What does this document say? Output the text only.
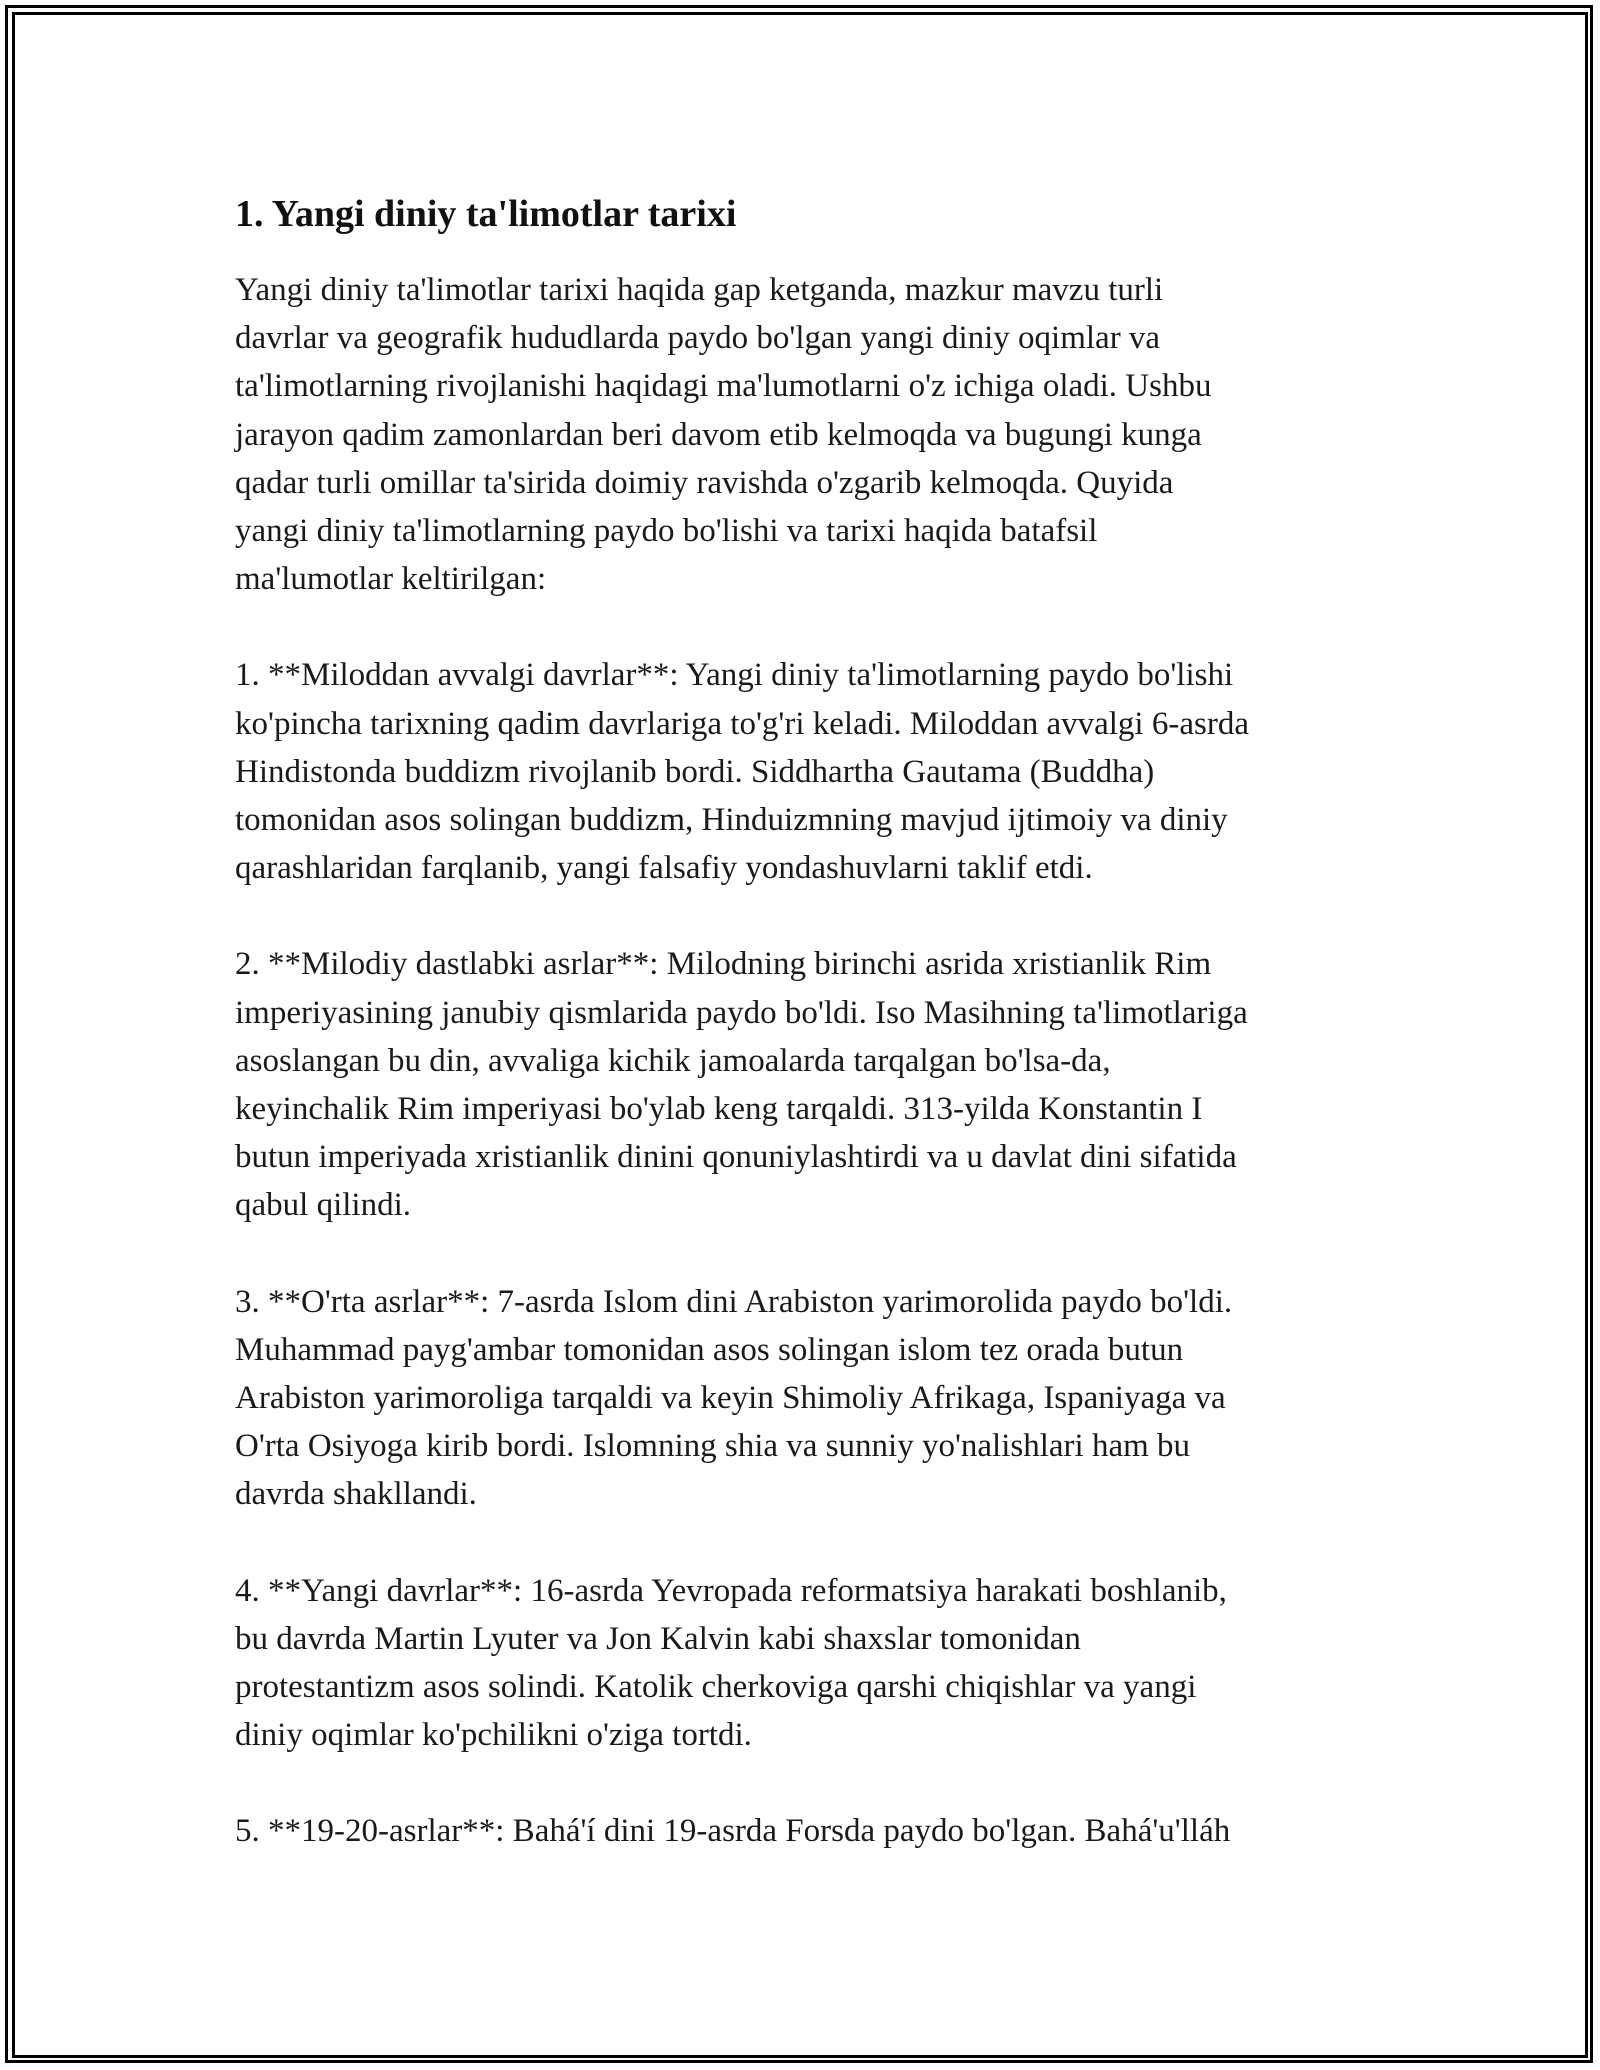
1. Yangi diniy ta'limotlar tarixi

Yangi diniy ta'limotlar tarixi haqida gap ketganda, mazkur mavzu turli
davrlar va geografik hududlarda paydo bo'lgan yangi diniy oqimlar va
ta'limotlarning rivojlanishi haqidagi ma'lumotlarni o'z ichiga oladi. Ushbu
jarayon qadim zamonlardan beri davom etib kelmoqda va bugungi kunga
qadar turli omillar ta'sirida doimiy ravishda o'zgarib kelmoqda. Quyida
yangi diniy ta'limotlarning paydo bo'lishi va tarixi haqida batafsil
ma'lumotlar keltirilgan:

1. **Miloddan avvalgi davrlar**: Yangi diniy ta'limotlarning paydo bo'lishi
ko'pincha tarixning qadim davrlariga to'g'ri keladi. Miloddan avvalgi 6-asrda
Hindistonda buddizm rivojlanib bordi. Siddhartha Gautama (Buddha)
tomonidan asos solingan buddizm, Hinduizmning mavjud ijtimoiy va diniy
qarashlaridan farqlanib, yangi falsafiy yondashuvlarni taklif etdi.

2. **Milodiy dastlabki asrlar**: Milodning birinchi asrida xristianlik Rim
imperiyasining janubiy qismlarida paydo bo'ldi. Iso Masihning ta'limotlariga
asoslangan bu din, avvaliga kichik jamoalarda tarqalgan bo'lsa-da,
keyinchalik Rim imperiyasi bo'ylab keng tarqaldi. 313-yilda Konstantin I
butun imperiyada xristianlik dinini qonuniylashtirdi va u davlat dini sifatida
qabul qilindi.

3. **O'rta asrlar**: 7-asrda Islom dini Arabiston yarimorolida paydo bo'ldi.
Muhammad payg'ambar tomonidan asos solingan islom tez orada butun
Arabiston yarimoroliga tarqaldi va keyin Shimoliy Afrikaga, Ispaniyaga va
O'rta Osiyoga kirib bordi. Islomning shia va sunniy yo'nalishlari ham bu
davrda shakllandi.

4. **Yangi davrlar**: 16-asrda Yevropada reformatsiya harakati boshlanib,
bu davrda Martin Lyuter va Jon Kalvin kabi shaxslar tomonidan
protestantizm asos solindi. Katolik cherkoviga qarshi chiqishlar va yangi
diniy oqimlar ko'pchilikni o'ziga tortdi.

5. **19-20-asrlar**: Bahá'í dini 19-asrda Forsda paydo bo'lgan. Bahá'u'lláh
